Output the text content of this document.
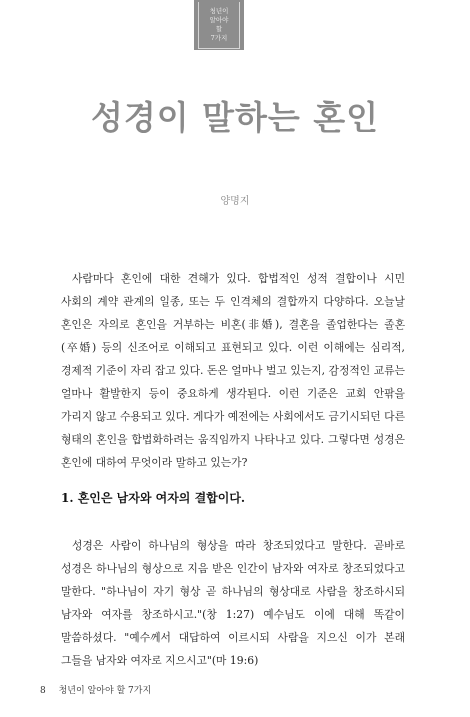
청년이
알아야
할
7가지
성경이 말하는 혼인
양명지

사람마다 혼인에 대한 견해가 있다. 합법적인 성적 결합이나 시민 사회의 계약 관계의 일종, 또는 두 인격체의 결합까지 다양하다. 오늘날 혼인은 자의로 혼인을 거부하는 비혼(非婚), 결혼을 졸업한다는 졸혼(卒婚) 등의 신조어로 이해되고 표현되고 있다. 이런 이해에는 심리적, 경제적 기준이 자리 잡고 있다. 돈은 얼마나 벌고 있는지, 감정적인 교류는 얼마나 활발한지 등이 중요하게 생각된다. 이런 기준은 교회 안팎을 가리지 않고 수용되고 있다. 게다가 예전에는 사회에서도 금기시되던 다른 형태의 혼인을 합법화하려는 움직임까지 나타나고 있다. 그렇다면 성경은 혼인에 대하여 무엇이라 말하고 있는가?

1. 혼인은 남자와 여자의 결합이다.

성경은 사람이 하나님의 형상을 따라 창조되었다고 말한다. 곧바로 성경은 하나님의 형상으로 지음 받은 인간이 남자와 여자로 창조되었다고 말한다. "하나님이 자기 형상 곧 하나님의 형상대로 사람을 창조하시되 남자와 여자를 창조하시고."(창 1:27) 예수님도 이에 대해 똑같이 말씀하셨다. "예수께서 대답하여 이르시되 사람을 지으신 이가 본래 그들을 남자와 여자로 지으시고"(마 19:6)

8 청년이 알아야 할 7가지
